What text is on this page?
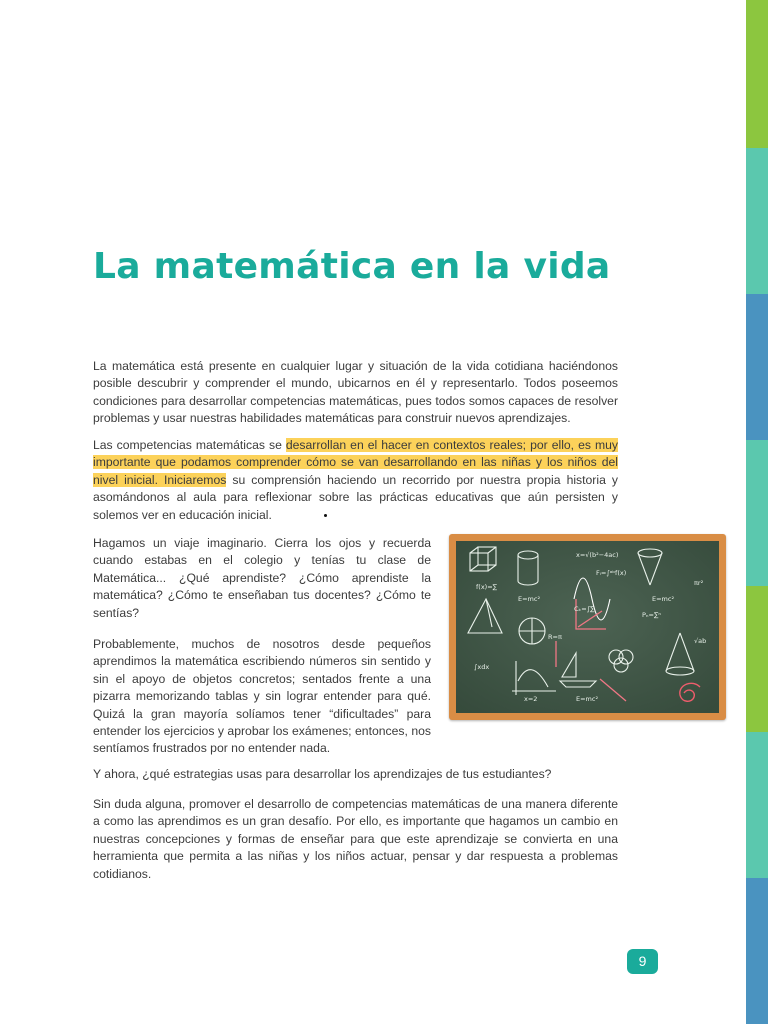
La matemática en la vida

La matemática está presente en cualquier lugar y situación de la vida cotidiana haciéndonos posible descubrir y comprender el mundo, ubicarnos en él y representarlo. Todos poseemos condiciones para desarrollar competencias matemáticas, pues todos somos capaces de resolver problemas y usar nuestras habilidades matemáticas para construir nuevos aprendizajes.

Las competencias matemáticas se desarrollan en el hacer en contextos reales; por ello, es muy importante que podamos comprender cómo se van desarrollando en las niñas y los niños del nivel inicial. Iniciaremos su comprensión haciendo un recorrido por nuestra propia historia y asomándonos al aula para reflexionar sobre las prácticas educativas que aún persisten y solemos ver en educación inicial.

Hagamos un viaje imaginario. Cierra los ojos y recuerda cuando estabas en el colegio y tenías tu clase de Matemática... ¿Qué aprendiste? ¿Cómo aprendiste la matemática? ¿Cómo te enseñaban tus docentes? ¿Cómo te sentías?

Probablemente, muchos de nosotros desde pequeños aprendimos la matemática escribiendo números sin sentido y sin el apoyo de objetos concretos; sentados frente a una pizarra memorizando tablas y sin lograr entender para qué. Quizá la gran mayoría solíamos tener “dificultades” para entender los ejercicios y aprobar los exámenes; entonces, nos sentíamos frustrados por no entender nada.

Y ahora, ¿qué estrategias usas para desarrollar los aprendizajes de tus estudiantes?

Sin duda alguna, promover el desarrollo de competencias matemáticas de una manera diferente a como las aprendimos es un gran desafío. Por ello, es importante que hagamos un cambio en nuestras concepciones y formas de enseñar para que este aprendizaje se convierta en una herramienta que permita a las niñas y los niños actuar, pensar y dar respuesta a problemas cotidianos.

x=√(b²−4ac)
E=mc²	E=mc²
E=mc²
R=π
Fᵢ=∫ᵃᵇf(x)
Cₖ=∫∑
Pₙ=∑ⁿ
∫xdx
f(x)=∑	πr²
√ab
x=2
9
